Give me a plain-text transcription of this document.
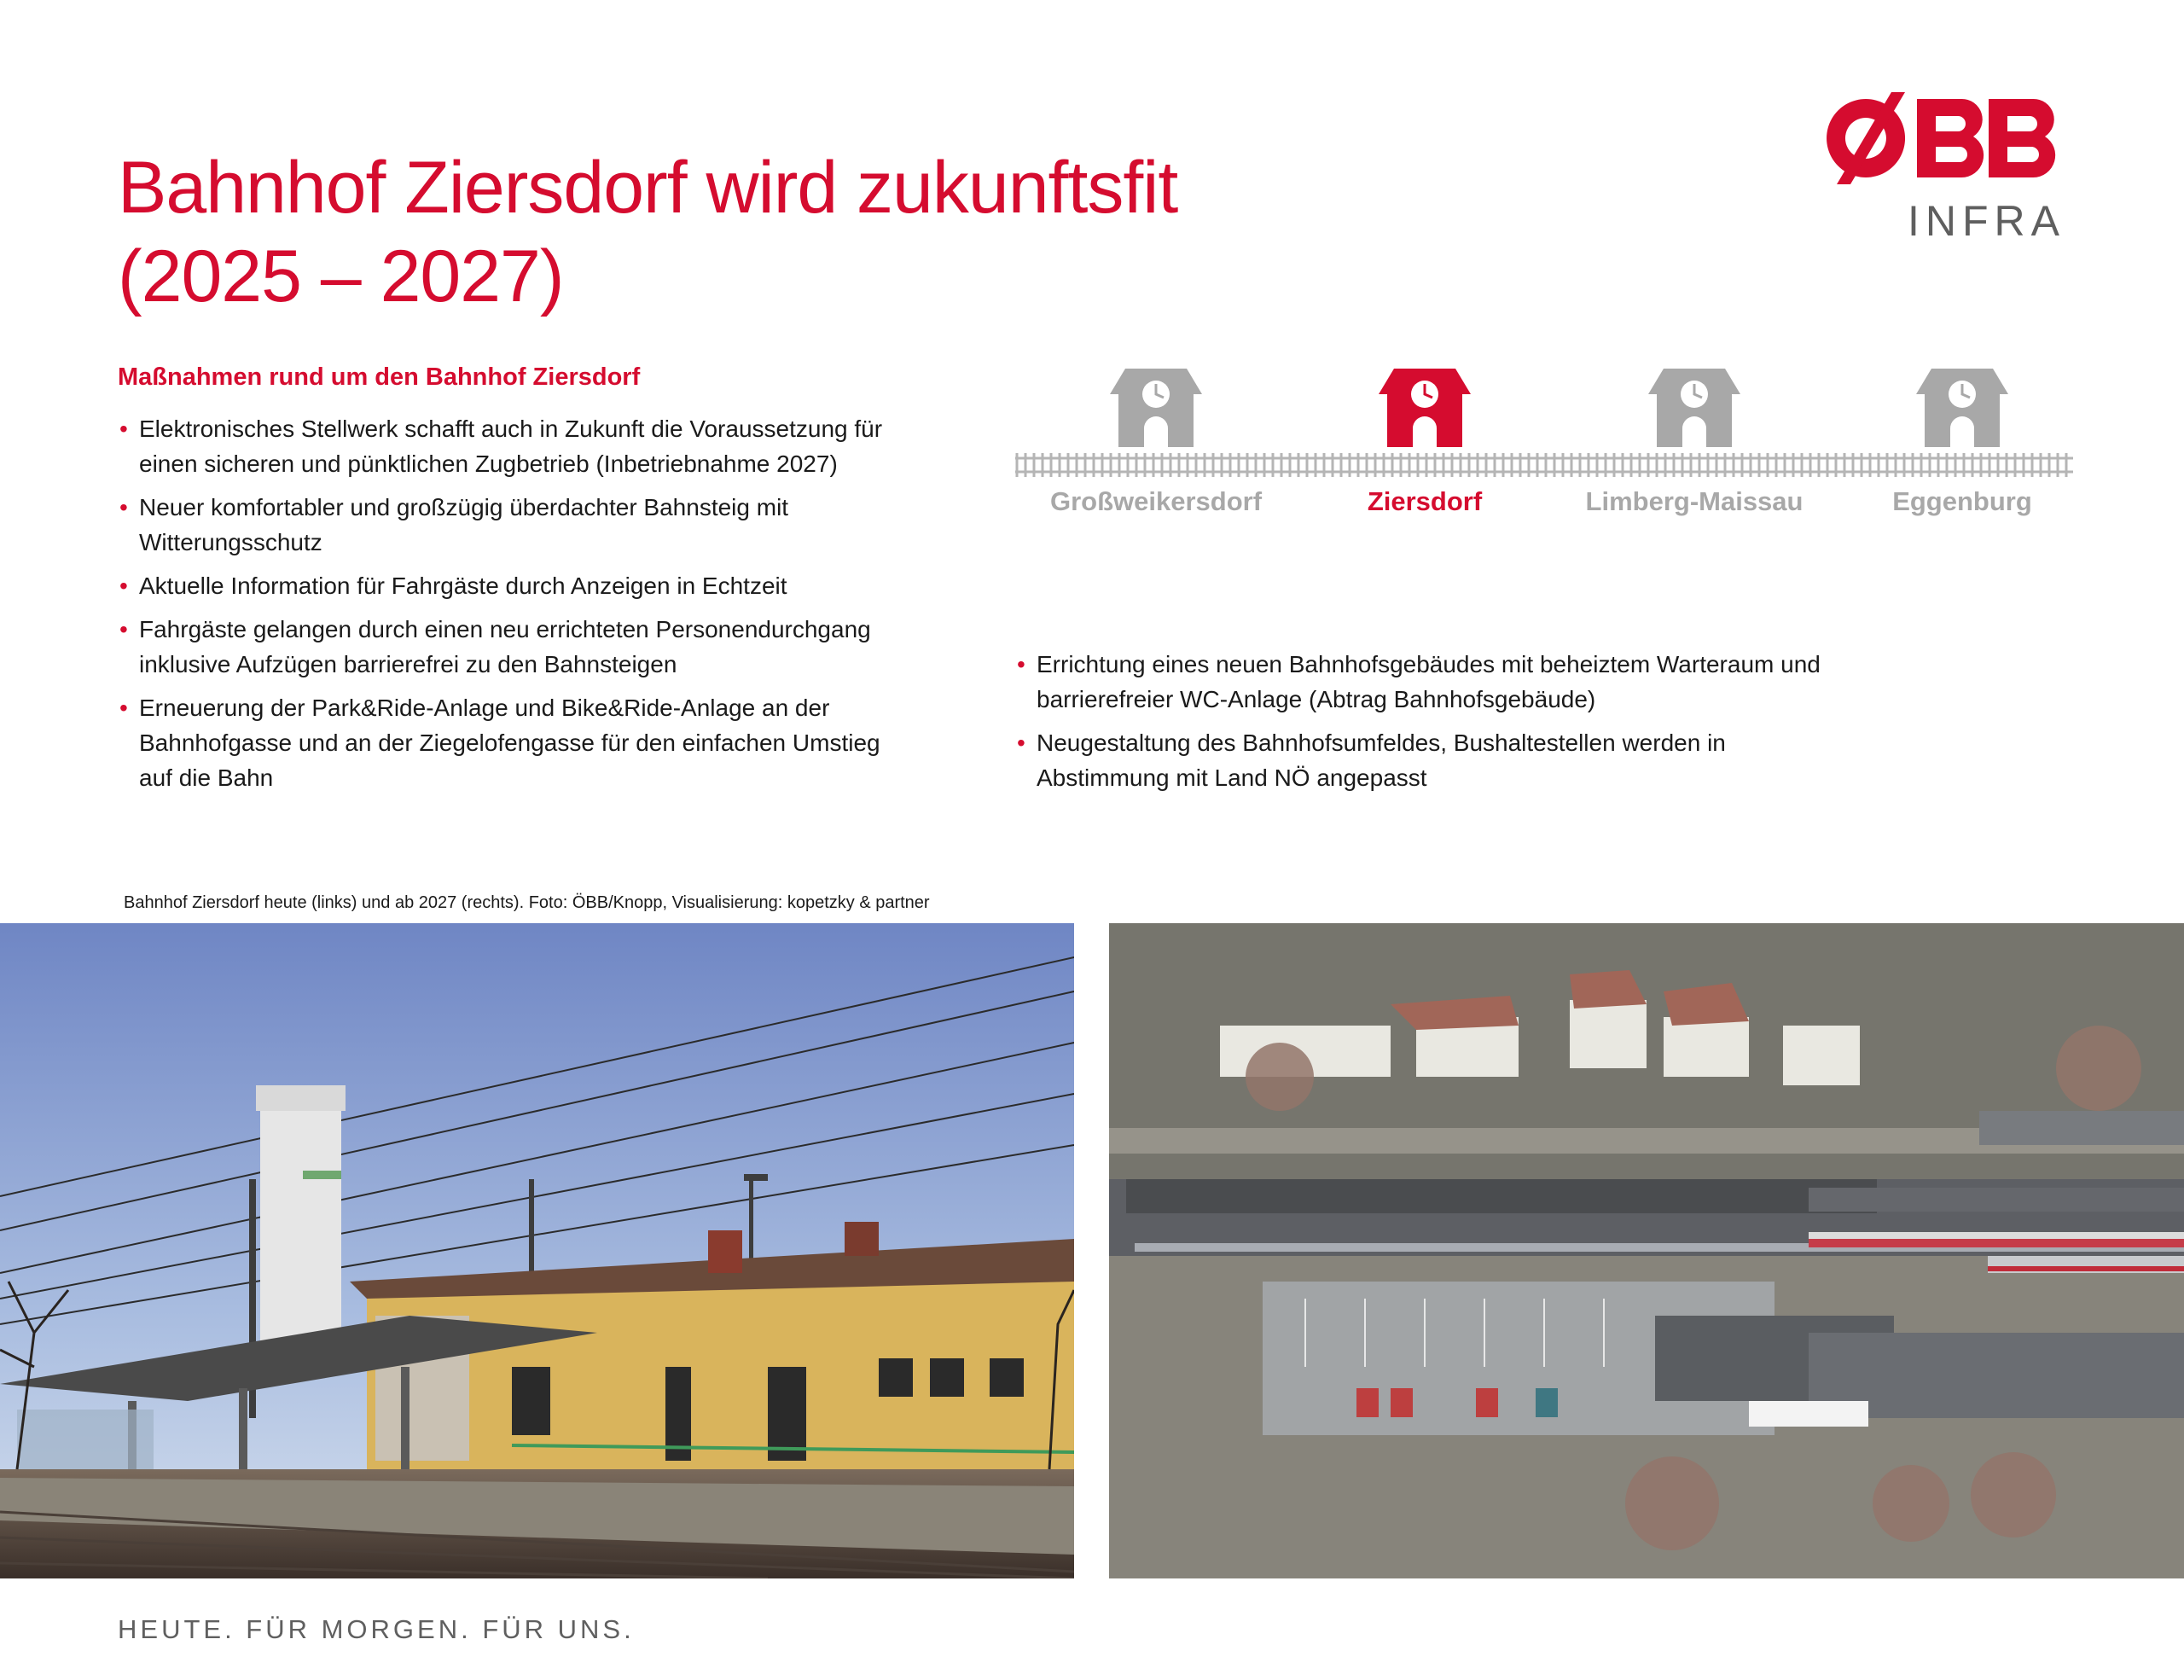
Bahnhof Ziersdorf wird zukunftsfit
(2025 – 2027)
INFRA
Maßnahmen rund um den Bahnhof Ziersdorf
• Elektronisches Stellwerk schafft auch in Zukunft die Voraussetzung für einen sicheren und pünktlichen Zugbetrieb (Inbetriebnahme 2027)
• Neuer komfortabler und großzügig überdachter Bahnsteig mit Witterungsschutz
• Aktuelle Information für Fahrgäste durch Anzeigen in Echtzeit
• Fahrgäste gelangen durch einen neu errichteten Personendurchgang inklusive Aufzügen barrierefrei zu den Bahnsteigen
• Erneuerung der Park&Ride-Anlage und Bike&Ride-Anlage an der Bahnhofgasse und an der Ziegelofengasse für den einfachen Umstieg auf die Bahn
Großweikersdorf	Ziersdorf	Limberg-Maissau	Eggenburg
• Errichtung eines neuen Bahnhofsgebäudes mit beheiztem Warteraum und barrierefreier WC-Anlage (Abtrag Bahnhofsgebäude)
• Neugestaltung des Bahnhofsumfeldes, Bushaltestellen werden in Abstimmung mit Land NÖ angepasst
Bahnhof Ziersdorf heute (links) und ab 2027 (rechts). Foto: ÖBB/Knopp, Visualisierung: kopetzky & partner
HEUTE. FÜR MORGEN. FÜR UNS.
